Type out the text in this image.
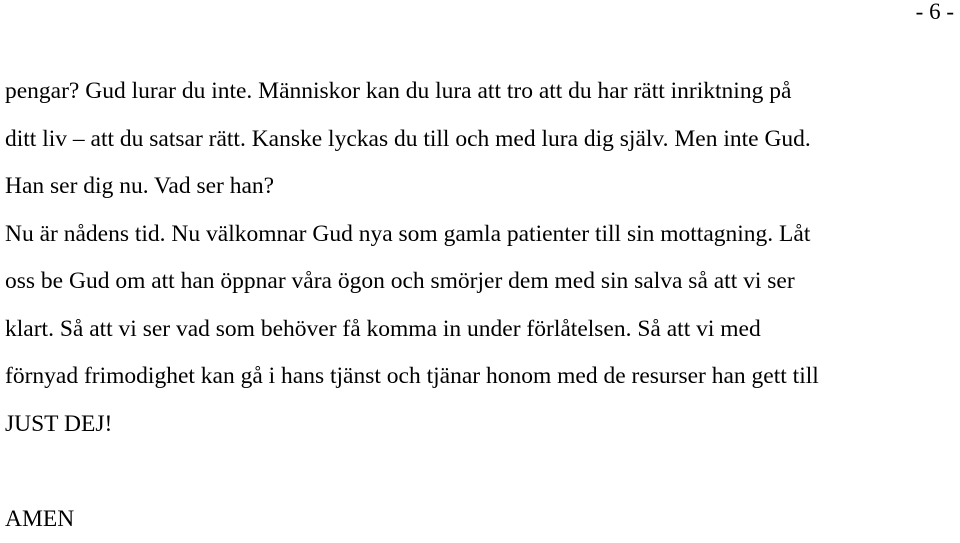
- 6 -

pengar? Gud lurar du inte. Människor kan du lura att tro att du har rätt inriktning på

ditt liv – att du satsar rätt. Kanske lyckas du till och med lura dig själv. Men inte Gud.

Han ser dig nu. Vad ser han?

Nu är nådens tid. Nu välkomnar Gud nya som gamla patienter till sin mottagning. Låt

oss be Gud om att han öppnar våra ögon och smörjer dem med sin salva så att vi ser

klart. Så att vi ser vad som behöver få komma in under förlåtelsen. Så att vi med

förnyad frimodighet kan gå i hans tjänst och tjänar honom med de resurser han gett till

JUST DEJ!

AMEN
